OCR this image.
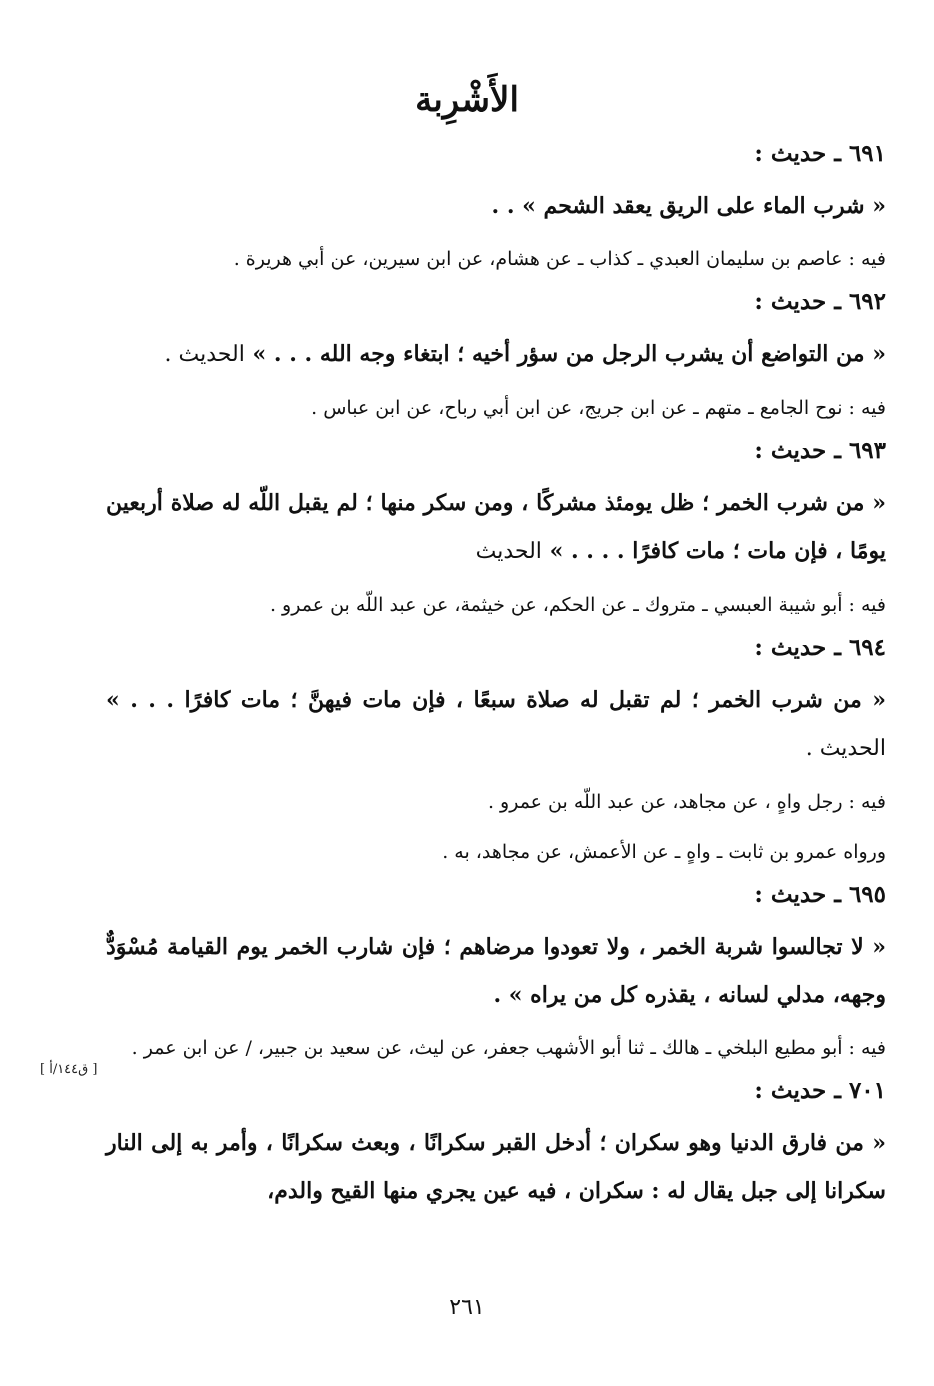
الأَشْرِبة
٦٩١ ـ حديث :
« شرب الماء على الريق يعقد الشحم » . .
فيه : عاصم بن سليمان العبدي ـ كذاب ـ عن هشام، عن ابن سيرين، عن أبي هريرة .
٦٩٢ ـ حديث :
« من التواضع أن يشرب الرجل من سؤر أخيه ؛ ابتغاء وجه الله . . . » الحديث .
فيه : نوح الجامع ـ متهم ـ عن ابن جريج، عن ابن أبي رباح، عن ابن عباس .
٦٩٣ ـ حديث :
« من شرب الخمر ؛ ظل يومئذ مشركًا ، ومن سكر منها ؛ لم يقبل اللّه له صلاة أربعين يومًا ، فإن مات ؛ مات كافرًا . . . . » الحديث
فيه : أبو شيبة العبسي ـ متروك ـ عن الحكم، عن خيثمة، عن عبد اللّه بن عمرو .
٦٩٤ ـ حديث :
« من شرب الخمر ؛ لم تقبل له صلاة سبعًا ، فإن مات فيهنَّ ؛ مات كافرًا . . . » الحديث .
فيه : رجل واهٍ ، عن مجاهد، عن عبد اللّه بن عمرو .
ورواه عمرو بن ثابت ـ واهٍ ـ عن الأعمش، عن مجاهد، به .
٦٩٥ ـ حديث :
« لا تجالسوا شربة الخمر ، ولا تعودوا مرضاهم ؛ فإن شارب الخمر يوم القيامة مُسْوَدٌّ وجهه، مدلي لسانه ، يقذره كل من يراه » .
فيه : أبو مطيع البلخي ـ هالك ـ ثنا أبو الأشهب جعفر، عن ليث، عن سعيد بن جبير، / عن ابن عمر .
٧٠١ ـ حديث :
« من فارق الدنيا وهو سكران ؛ أدخل القبر سكرانًا ، وبعث سكرانًا ، وأمر به إلى النار سكرانا إلى جبل يقال له : سكران ، فيه عين يجري منها القيح والدم،
[ ق١٤٤/أ ]
٢٦١
